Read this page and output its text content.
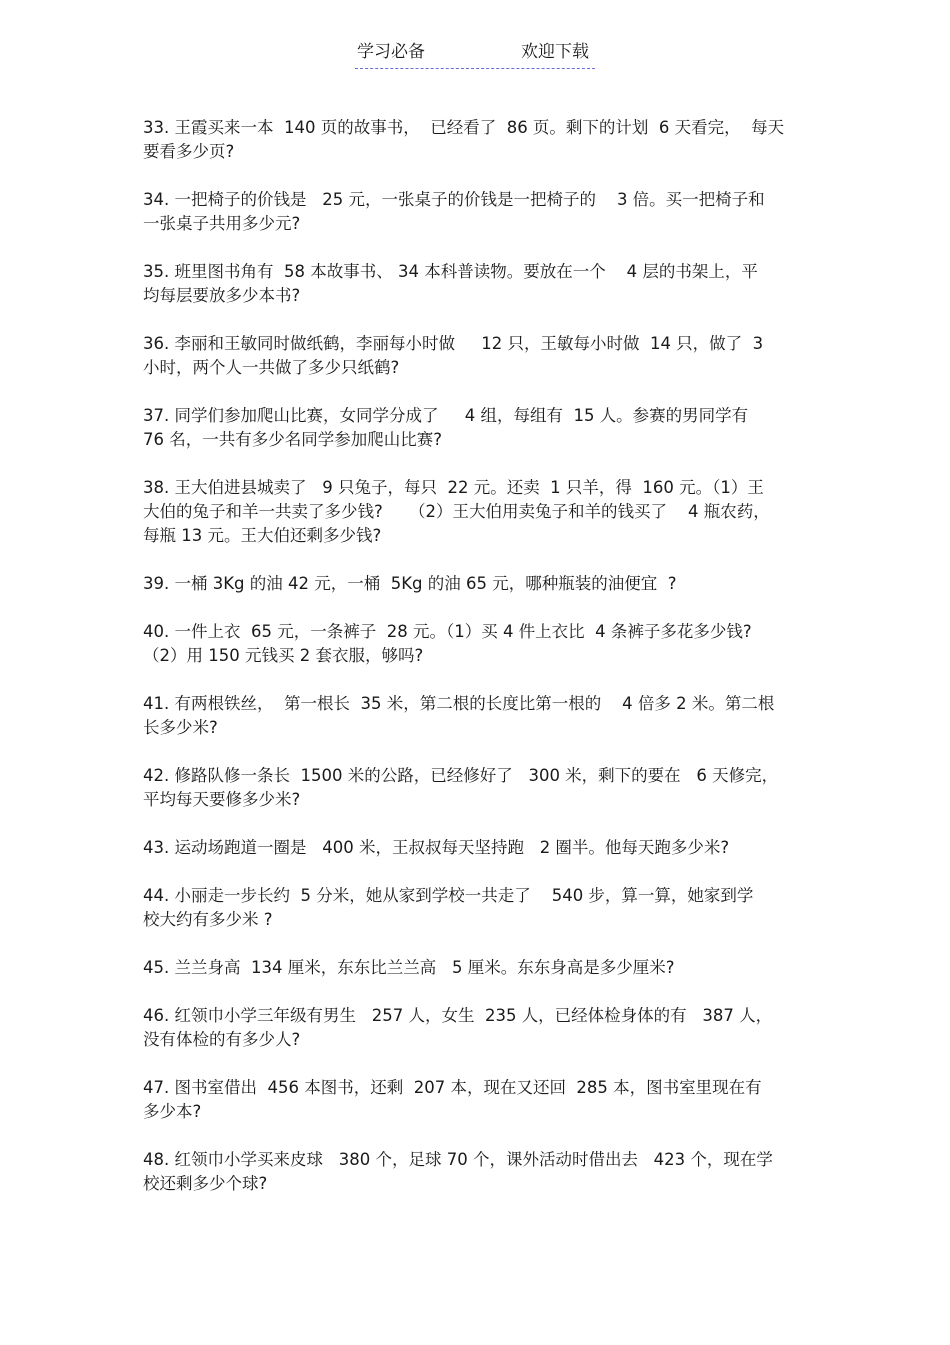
学习必备	欢迎下载
33. 王霞买来一本  140 页的故事书，  已经看了  86 页。剩下的计划  6 天看完，  每天
要看多少页?
34. 一把椅子的价钱是   25 元，一张桌子的价钱是一把椅子的    3 倍。买一把椅子和
一张桌子共用多少元?
35. 班里图书角有  58 本故事书、 34 本科普读物。要放在一个    4 层的书架上，平
均每层要放多少本书?
36. 李丽和王敏同时做纸鹤，李丽每小时做     12 只，王敏每小时做  14 只，做了  3
小时，两个人一共做了多少只纸鹤?
37. 同学们参加爬山比赛，女同学分成了     4 组，每组有  15 人。参赛的男同学有
76 名，一共有多少名同学参加爬山比赛?
38. 王大伯进县城卖了   9 只兔子，每只  22 元。还卖  1 只羊，得  160 元。（1）王
大伯的兔子和羊一共卖了多少钱?     （2）王大伯用卖兔子和羊的钱买了    4 瓶农药，
每瓶 13 元。王大伯还剩多少钱?
39. 一桶 3Kg 的油 42 元，一桶  5Kg 的油 65 元，哪种瓶装的油便宜  ?
40. 一件上衣  65 元，一条裤子  28 元。（1）买 4 件上衣比  4 条裤子多花多少钱?
（2）用 150 元钱买 2 套衣服，够吗?
41. 有两根铁丝，  第一根长  35 米，第二根的长度比第一根的    4 倍多 2 米。第二根
长多少米?
42. 修路队修一条长  1500 米的公路，已经修好了   300 米，剩下的要在   6 天修完，
平均每天要修多少米?
43. 运动场跑道一圈是   400 米，王叔叔每天坚持跑   2 圈半。他每天跑多少米?
44. 小丽走一步长约  5 分米，她从家到学校一共走了    540 步，算一算，她家到学
校大约有多少米 ?
45. 兰兰身高  134 厘米，东东比兰兰高   5 厘米。东东身高是多少厘米?
46. 红领巾小学三年级有男生   257 人，女生  235 人，已经体检身体的有   387 人，
没有体检的有多少人?
47. 图书室借出  456 本图书，还剩  207 本，现在又还回  285 本，图书室里现在有
多少本?
48. 红领巾小学买来皮球   380 个，足球 70 个，课外活动时借出去   423 个，现在学
校还剩多少个球?
